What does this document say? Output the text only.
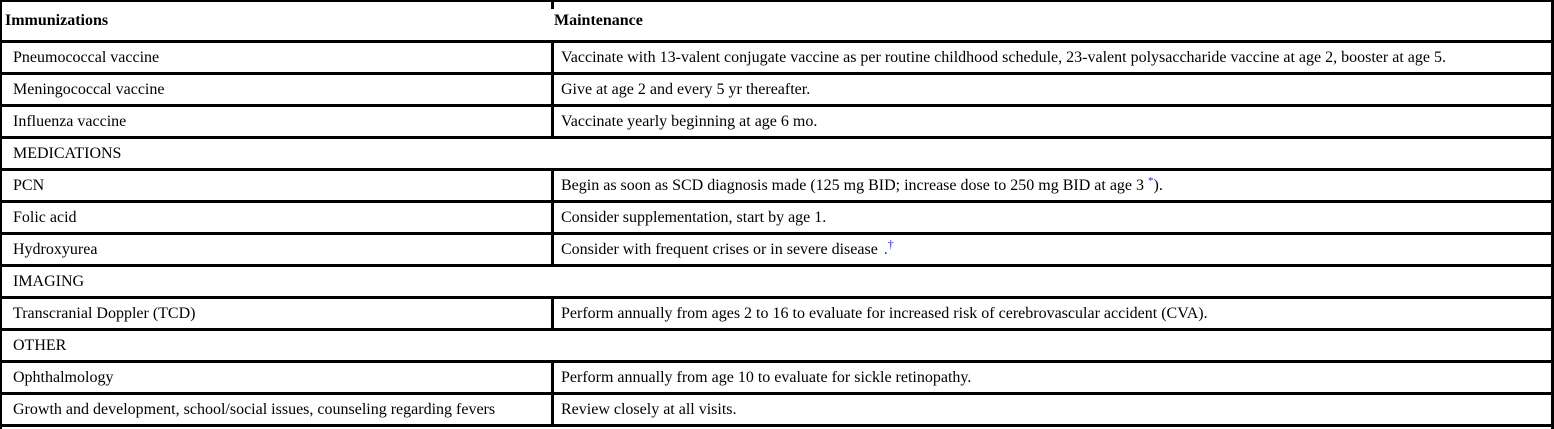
Immunizations	Maintenance
Pneumococcal vaccine	Vaccinate with 13-valent conjugate vaccine as per routine childhood schedule, 23-valent polysaccharide vaccine at age 2, booster at age 5.
Meningococcal vaccine	Give at age 2 and every 5 yr thereafter.
Influenza vaccine	Vaccinate yearly beginning at age 6 mo.
MEDICATIONS
PCN	Begin as soon as SCD diagnosis made (125 mg BID; increase dose to 250 mg BID at age 3 * ).
Folic acid	Consider supplementation, start by age 1.
Hydroxyurea	Consider with frequent crises or in severe disease .†
IMAGING
Transcranial Doppler (TCD)	Perform annually from ages 2 to 16 to evaluate for increased risk of cerebrovascular accident (CVA).
OTHER
Ophthalmology	Perform annually from age 10 to evaluate for sickle retinopathy.
Growth and development, school/social issues, counseling regarding fevers	Review closely at all visits.
